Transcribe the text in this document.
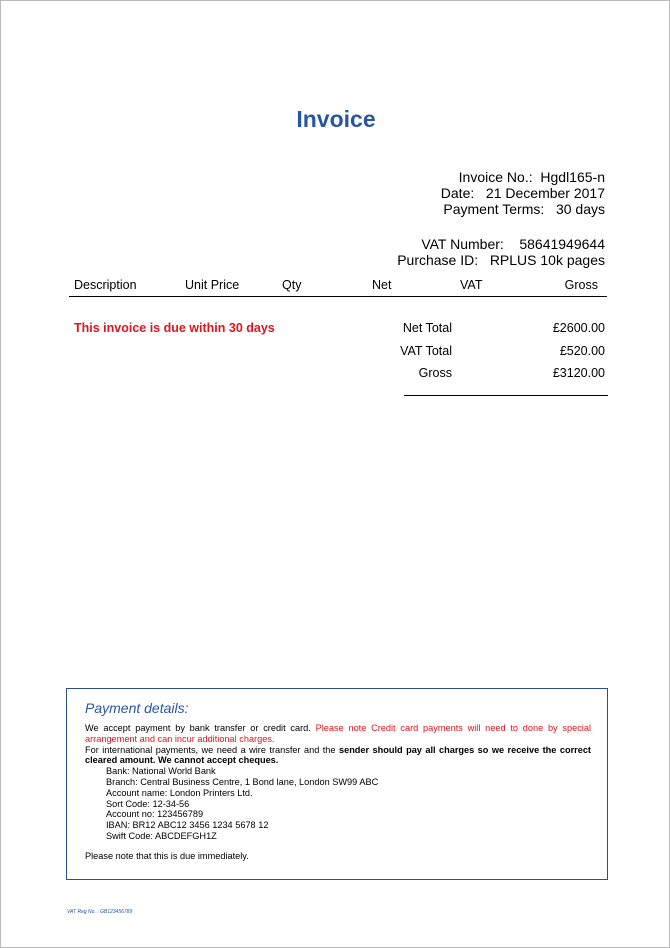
Invoice
Invoice No.: Hgdl165-n
Date: 21 December 2017
Payment Terms: 30 days
VAT Number: 58641949644
Purchase ID: RPLUS 10k pages
Description	Unit Price	Qty	Net	VAT	Gross
This invoice is due within 30 days	Net Total	£2600.00
VAT Total	£520.00
Gross	£3120.00
Payment details:
We accept payment by bank transfer or credit card. Please note Credit card payments will need to done by special arrangement and can incur additional charges.
For international payments, we need a wire transfer and the sender should pay all charges so we receive the correct cleared amount. We cannot accept cheques.
Bank: National World Bank
Branch: Central Business Centre, 1 Bond lane, London SW99 ABC
Account name: London Printers Ltd.
Sort Code: 12-34-56
Account no: 123456789
IBAN: BR12 ABC12 3456 1234 5678 12
Swift Code: ABCDEFGH1Z
Please note that this is due immediately.
VAT Reg No. : GB123456789
